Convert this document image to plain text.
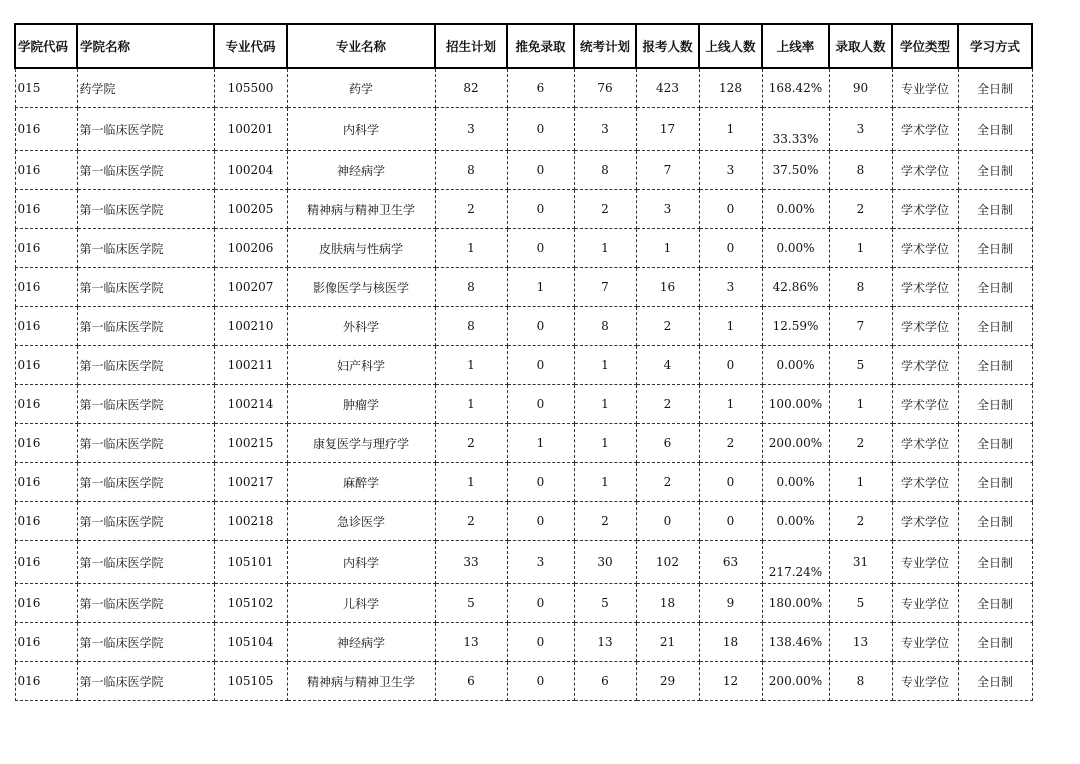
学院代码	学院名称	专业代码	专业名称	招生计划	推免录取	统考计划	报考人数	上线人数	上线率	录取人数	学位类型	学习方式
015	药学院	105500	药学	82	6	76	423	128	168.42%	90	专业学位	全日制
016	第一临床医学院	100201	内科学	3	0	3	17	1	33.33%	3	学术学位	全日制
016	第一临床医学院	100204	神经病学	8	0	8	7	3	37.50%	8	学术学位	全日制
016	第一临床医学院	100205	精神病与精神卫生学	2	0	2	3	0	0.00%	2	学术学位	全日制
016	第一临床医学院	100206	皮肤病与性病学	1	0	1	1	0	0.00%	1	学术学位	全日制
016	第一临床医学院	100207	影像医学与核医学	8	1	7	16	3	42.86%	8	学术学位	全日制
016	第一临床医学院	100210	外科学	8	0	8	2	1	12.59%	7	学术学位	全日制
016	第一临床医学院	100211	妇产科学	1	0	1	4	0	0.00%	5	学术学位	全日制
016	第一临床医学院	100214	肿瘤学	1	0	1	2	1	100.00%	1	学术学位	全日制
016	第一临床医学院	100215	康复医学与理疗学	2	1	1	6	2	200.00%	2	学术学位	全日制
016	第一临床医学院	100217	麻醉学	1	0	1	2	0	0.00%	1	学术学位	全日制
016	第一临床医学院	100218	急诊医学	2	0	2	0	0	0.00%	2	学术学位	全日制
016	第一临床医学院	105101	内科学	33	3	30	102	63	217.24%	31	专业学位	全日制
016	第一临床医学院	105102	儿科学	5	0	5	18	9	180.00%	5	专业学位	全日制
016	第一临床医学院	105104	神经病学	13	0	13	21	18	138.46%	13	专业学位	全日制
016	第一临床医学院	105105	精神病与精神卫生学	6	0	6	29	12	200.00%	8	专业学位	全日制
